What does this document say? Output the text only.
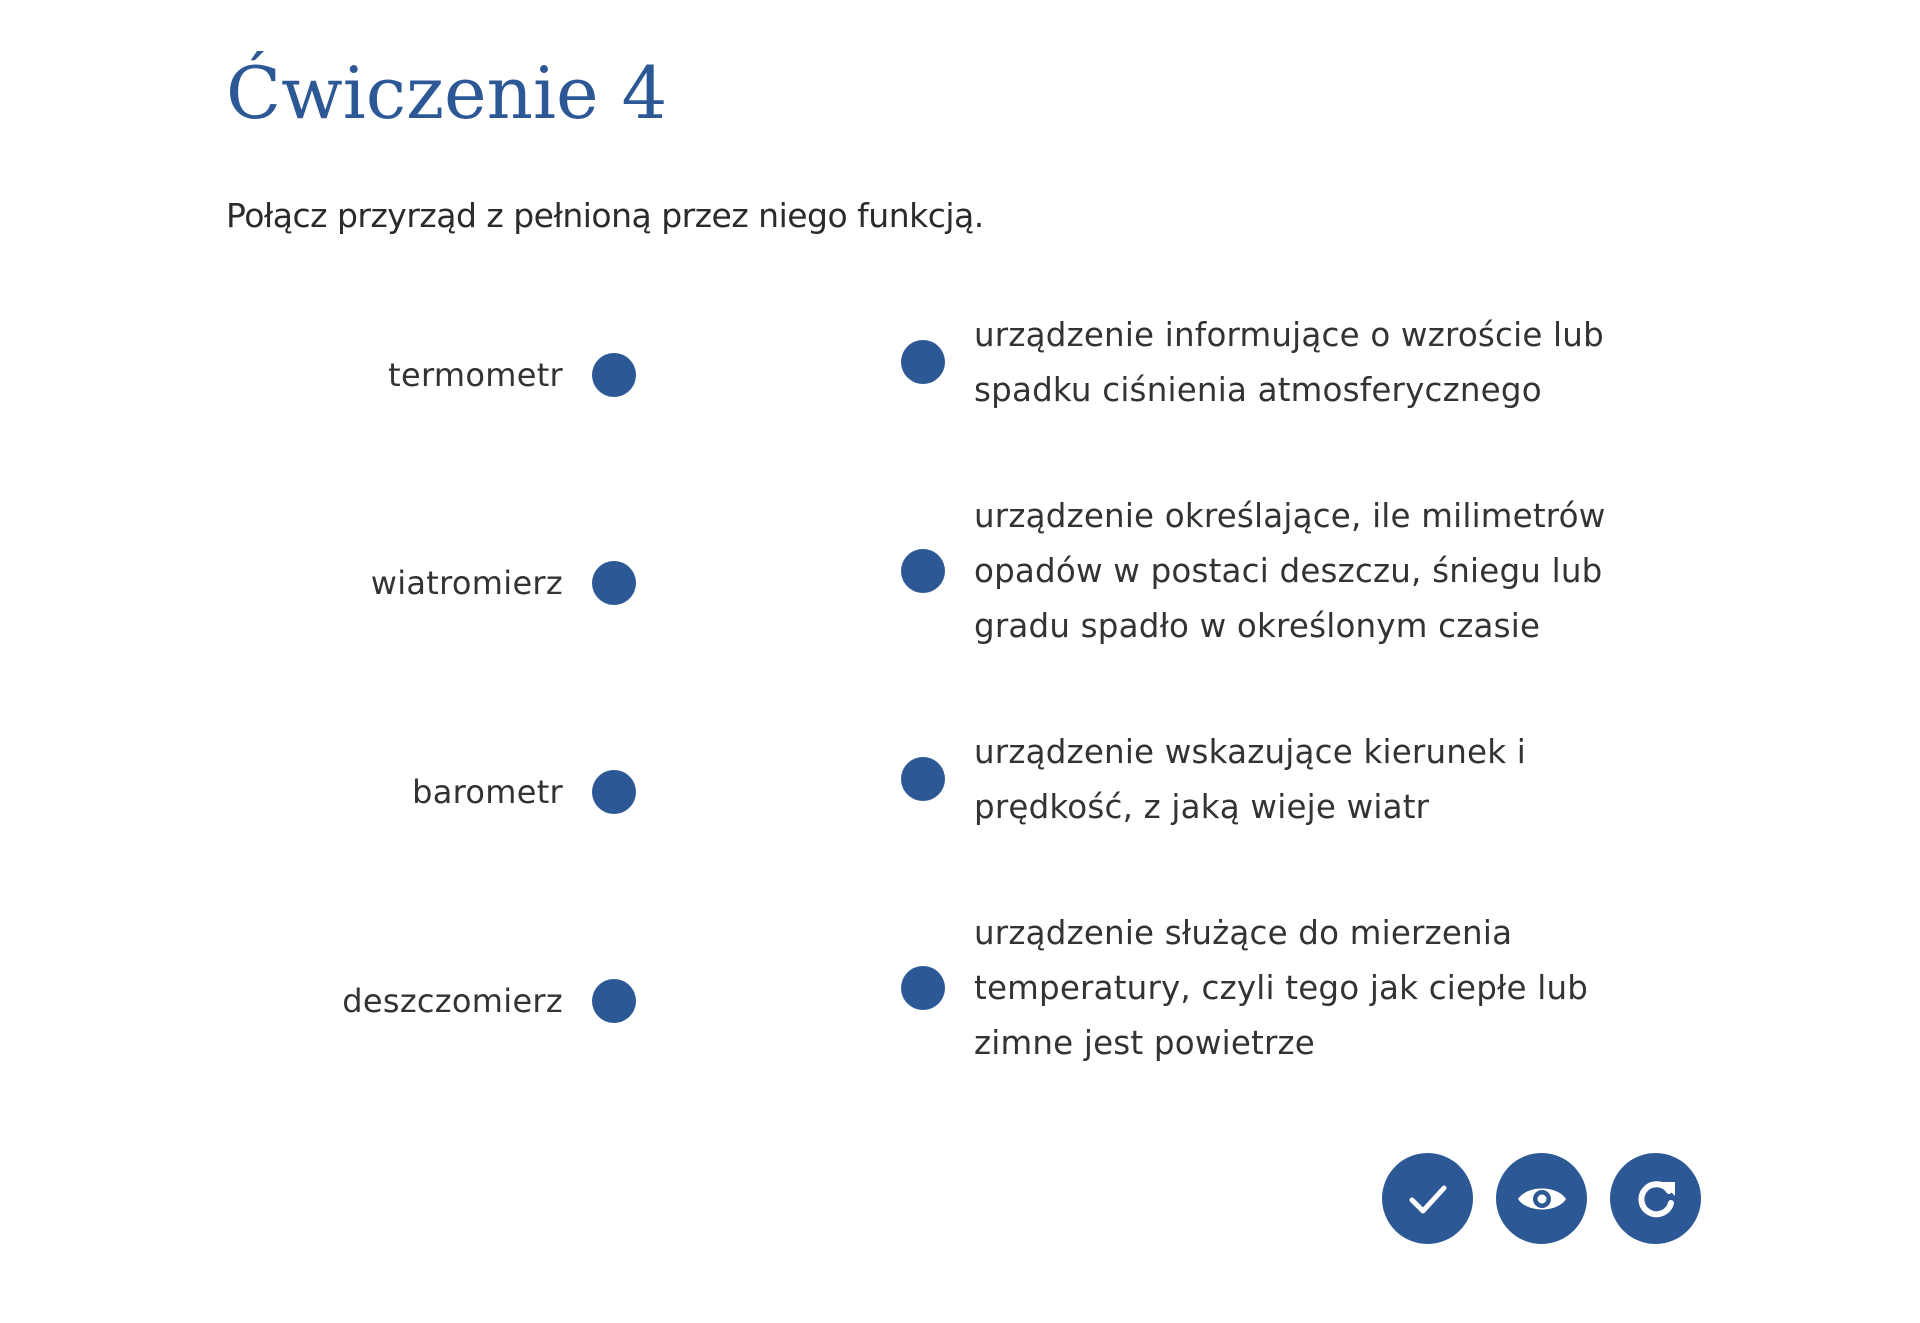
Ćwiczenie 4

Połącz przyrząd z pełnioną przez niego funkcją.

termometr
wiatromierz
barometr
deszczomierz
urządzenie informujące o wzroście lub spadku ciśnienia atmosferycznego
urządzenie określające, ile milimetrów opadów w postaci deszczu, śniegu lub gradu spadło w określonym czasie
urządzenie wskazujące kierunek i prędkość, z jaką wieje wiatr
urządzenie służące do mierzenia temperatury, czyli tego jak ciepłe lub zimne jest powietrze
